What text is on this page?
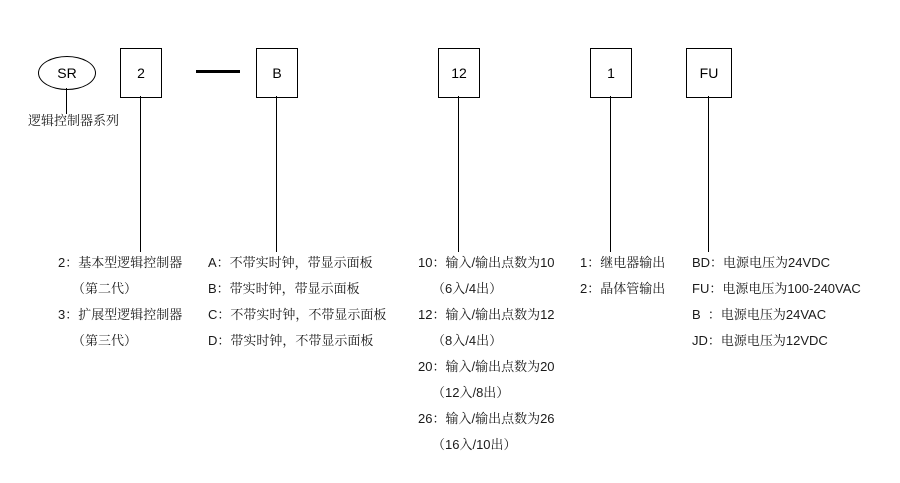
SR
逻辑控制器系列
2	B	12	1	FU
2：基本型逻辑控制器
（第二代）
3：扩展型逻辑控制器
（第三代）
A：不带实时钟，带显示面板
B：带实时钟，带显示面板
C：不带实时钟，不带显示面板
D：带实时钟，不带显示面板
10：输入/输出点数为10
（6入/4出）
12：输入/输出点数为12
（8入/4出）
20：输入/输出点数为20
（12入/8出）
26：输入/输出点数为26
（16入/10出）
1：继电器输出
2：晶体管输出
BD：电源电压为24VDC
FU：电源电压为100-240VAC
B  ：电源电压为24VAC
JD：电源电压为12VDC
